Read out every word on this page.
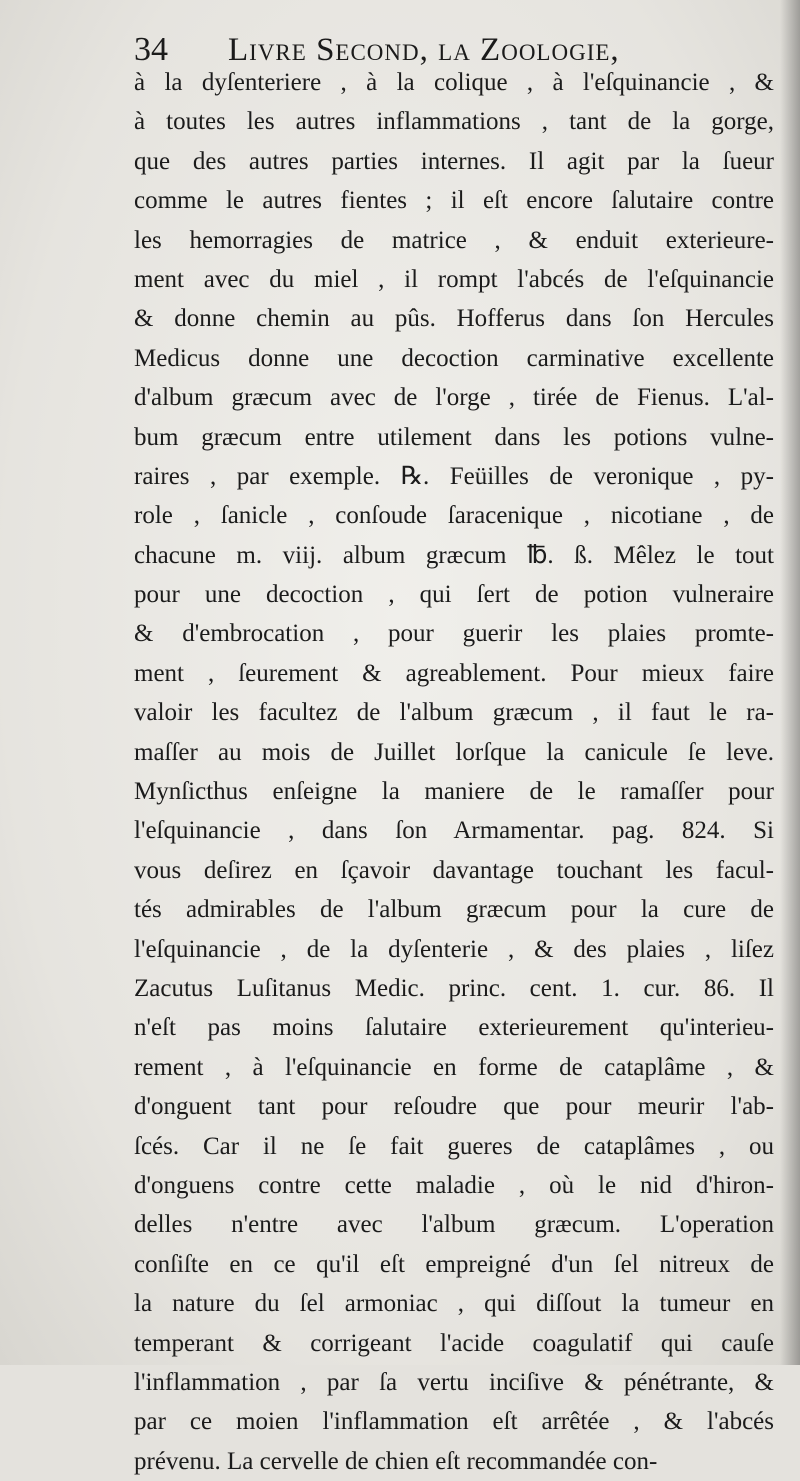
34 Livre Second, la Zoologie,
à la dyſenteriere , à la colique , à l'eſquinancie , &
à toutes les autres inflammations , tant de la gorge,
que des autres parties internes. Il agit par la ſueur
comme le autres fientes ; il eſt encore ſalutaire contre
les hemorragies de matrice , & enduit exterieure-
ment avec du miel , il rompt l'abcés de l'eſquinancie
& donne chemin au pûs. Hofferus dans ſon Hercules
Medicus donne une decoction carminative excellente
d'album græcum avec de l'orge , tirée de Fienus. L'al-
bum græcum entre utilement dans les potions vulne-
raires , par exemple. ℞. Feüilles de veronique , py-
role , ſanicle , conſoude ſaracenique , nicotiane , de
chacune m. viij. album græcum ℔. ß. Mêlez le tout
pour une decoction , qui ſert de potion vulneraire
& d'embrocation , pour guerir les plaies promte-
ment , ſeurement & agreablement. Pour mieux faire
valoir les facultez de l'album græcum , il faut le ra-
maſſer au mois de Juillet lorſque la canicule ſe leve.
Mynſicthus enſeigne la maniere de le ramaſſer pour
l'eſquinancie , dans ſon Armamentar. pag. 824. Si
vous deſirez en ſçavoir davantage touchant les facul-
tés admirables de l'album græcum pour la cure de
l'eſquinancie , de la dyſenterie , & des plaies , liſez
Zacutus Luſitanus Medic. princ. cent. 1. cur. 86. Il
n'eſt pas moins ſalutaire exterieurement qu'interieu-
rement , à l'eſquinancie en forme de cataplâme , &
d'onguent tant pour reſoudre que pour meurir l'ab-
ſcés. Car il ne ſe fait gueres de cataplâmes , ou
d'onguens contre cette maladie , où le nid d'hiron-
delles n'entre avec l'album græcum. L'operation
conſiſte en ce qu'il eſt empreigné d'un ſel nitreux de
la nature du ſel armoniac , qui diſſout la tumeur en
temperant & corrigeant l'acide coagulatif qui cauſe
l'inflammation , par ſa vertu inciſive & pénétrante, &
par ce moien l'inflammation eſt arrêtée , & l'abcés
prévenu. La cervelle de chien eſt recommandée con-
